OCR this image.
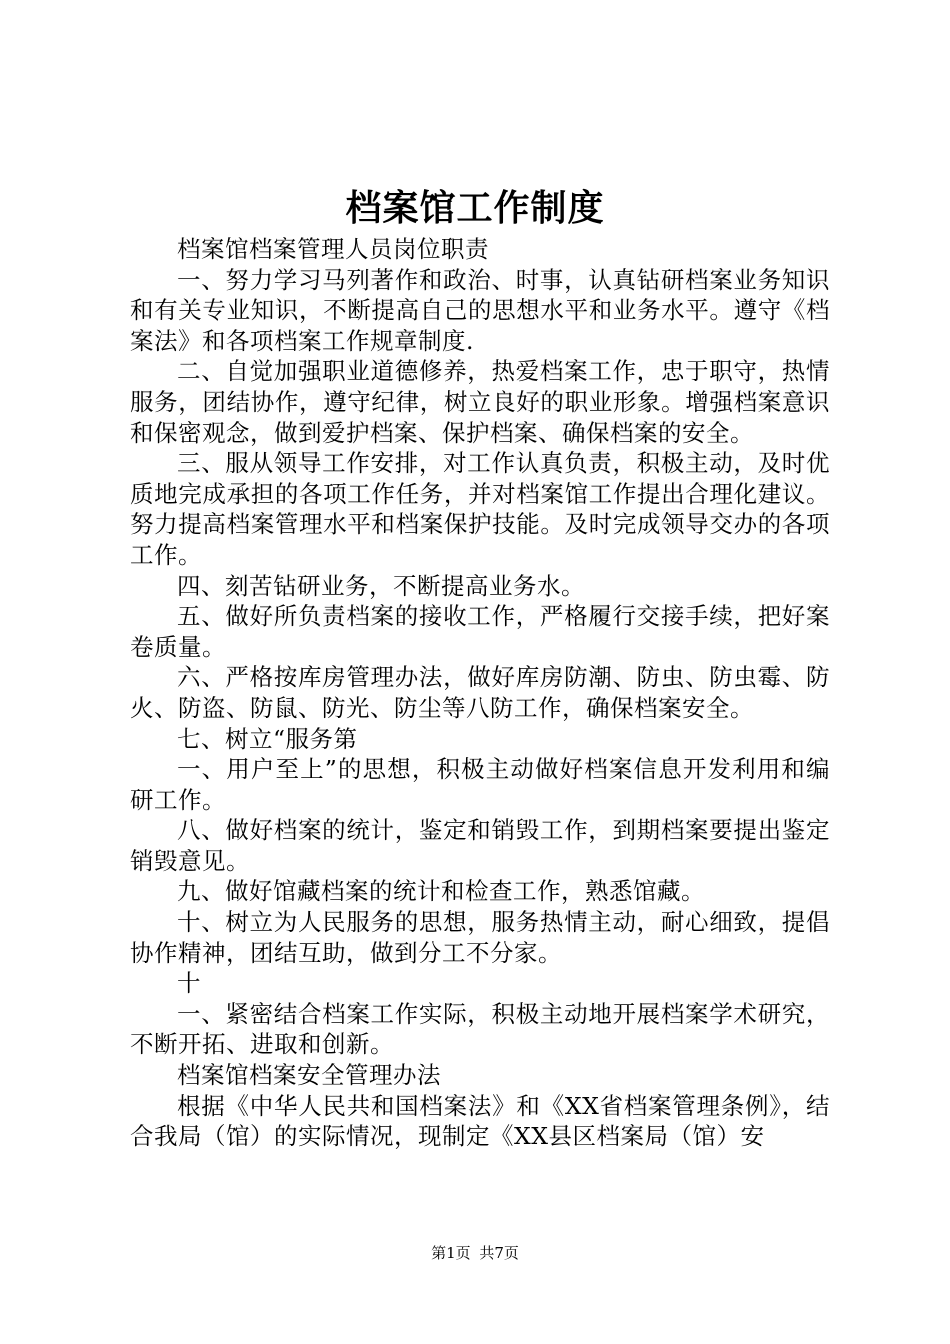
档案馆工作制度

档案馆档案管理人员岗位职责

一、努力学习马列著作和政治、时事，认真钻研档案业务知识和有关专业知识，不断提高自己的思想水平和业务水平。遵守《档案法》和各项档案工作规章制度.

二、自觉加强职业道德修养，热爱档案工作，忠于职守，热情服务，团结协作，遵守纪律，树立良好的职业形象。增强档案意识和保密观念，做到爱护档案、保护档案、确保档案的安全。

三、服从领导工作安排，对工作认真负责，积极主动，及时优质地完成承担的各项工作任务，并对档案馆工作提出合理化建议。努力提高档案管理水平和档案保护技能。及时完成领导交办的各项工作。

四、刻苦钻研业务，不断提高业务水。

五、做好所负责档案的接收工作，严格履行交接手续，把好案卷质量。

六、严格按库房管理办法，做好库房防潮、防虫、防虫霉、防火、防盗、防鼠、防光、防尘等八防工作，确保档案安全。

七、树立“服务第

一、用户至上”的思想，积极主动做好档案信息开发利用和编研工作。

八、做好档案的统计，鉴定和销毁工作，到期档案要提出鉴定销毁意见。

九、做好馆藏档案的统计和检查工作，熟悉馆藏。

十、树立为人民服务的思想，服务热情主动，耐心细致，提倡协作精神，团结互助，做到分工不分家。

十

一、紧密结合档案工作实际，积极主动地开展档案学术研究，不断开拓、进取和创新。

档案馆档案安全管理办法

根据《中华人民共和国档案法》和《XX省档案管理条例》，结合我局（馆）的实际情况，现制定《XX县区档案局（馆）安

第1页 共7页
